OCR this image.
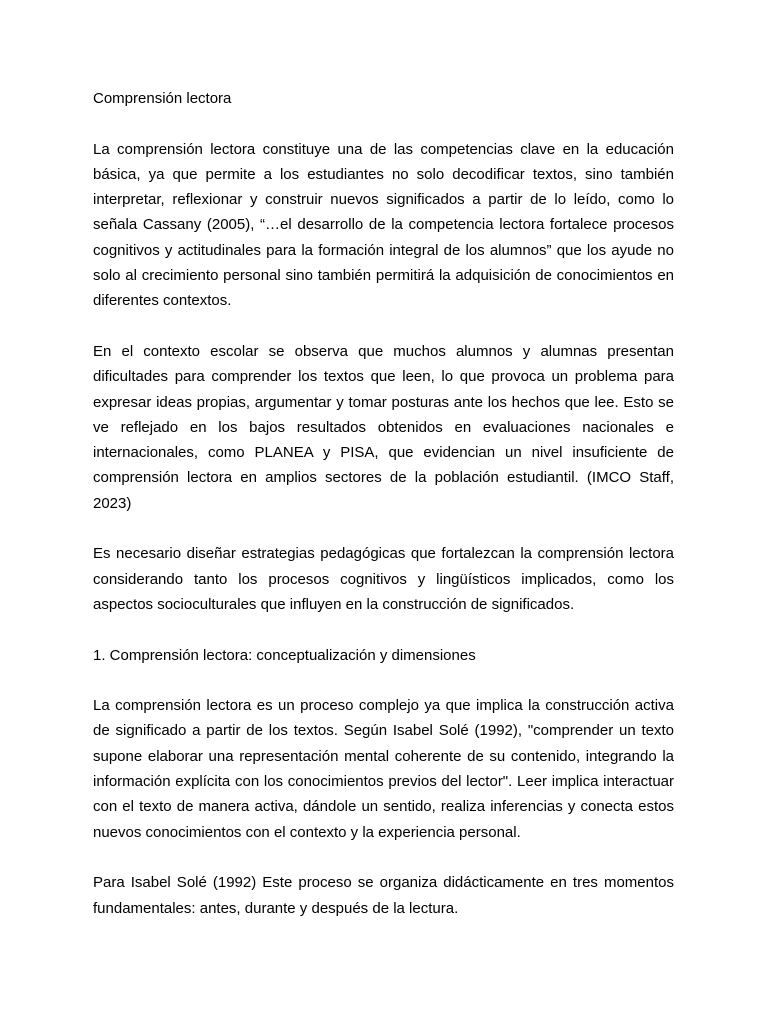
Comprensión lectora

La comprensión lectora constituye una de las competencias clave en la educación básica, ya que permite a los estudiantes no solo decodificar textos, sino también interpretar, reflexionar y construir nuevos significados a partir de lo leído, como lo señala Cassany (2005), “…el desarrollo de la competencia lectora fortalece procesos cognitivos y actitudinales para la formación integral de los alumnos” que los ayude no solo al crecimiento personal sino también permitirá la adquisición de conocimientos en diferentes contextos.

En el contexto escolar se observa que muchos alumnos y alumnas presentan dificultades para comprender los textos que leen, lo que provoca un problema para expresar ideas propias, argumentar y tomar posturas ante los hechos que lee. Esto se ve reflejado en los bajos resultados obtenidos en evaluaciones nacionales e internacionales, como PLANEA y PISA, que evidencian un nivel insuficiente de comprensión lectora en amplios sectores de la población estudiantil. (IMCO Staff, 2023)

Es necesario diseñar estrategias pedagógicas que fortalezcan la comprensión lectora considerando tanto los procesos cognitivos y lingüísticos implicados, como los aspectos socioculturales que influyen en la construcción de significados.

1. Comprensión lectora: conceptualización y dimensiones

La comprensión lectora es un proceso complejo ya que implica la construcción activa de significado a partir de los textos. Según Isabel Solé (1992), "comprender un texto supone elaborar una representación mental coherente de su contenido, integrando la información explícita con los conocimientos previos del lector". Leer implica interactuar con el texto de manera activa, dándole un sentido, realiza inferencias y conecta estos nuevos conocimientos con el contexto y la experiencia personal.

Para Isabel Solé (1992) Este proceso se organiza didácticamente en tres momentos fundamentales: antes, durante y después de la lectura.
